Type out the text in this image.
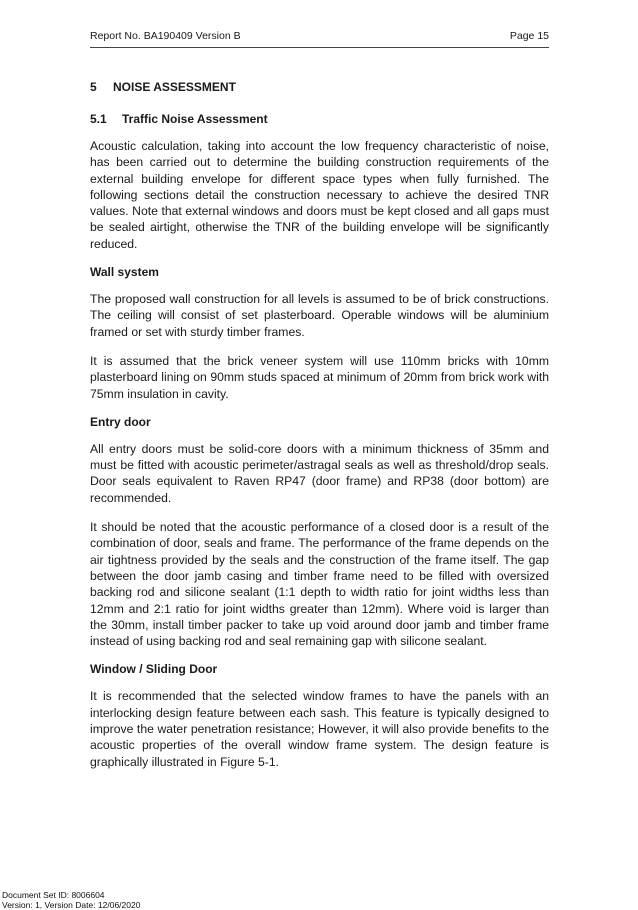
Report No. BA190409 Version B	Page 15
5	NOISE ASSESSMENT
5.1	Traffic Noise Assessment

Acoustic calculation, taking into account the low frequency characteristic of noise, has been carried out to determine the building construction requirements of the external building envelope for different space types when fully furnished. The following sections detail the construction necessary to achieve the desired TNR values. Note that external windows and doors must be kept closed and all gaps must be sealed airtight, otherwise the TNR of the building envelope will be significantly reduced.

Wall system

The proposed wall construction for all levels is assumed to be of brick constructions. The ceiling will consist of set plasterboard. Operable windows will be aluminium framed or set with sturdy timber frames.

It is assumed that the brick veneer system will use 110mm bricks with 10mm plasterboard lining on 90mm studs spaced at minimum of 20mm from brick work with 75mm insulation in cavity.

Entry door

All entry doors must be solid-core doors with a minimum thickness of 35mm and must be fitted with acoustic perimeter/astragal seals as well as threshold/drop seals. Door seals equivalent to Raven RP47 (door frame) and RP38 (door bottom) are recommended.

It should be noted that the acoustic performance of a closed door is a result of the combination of door, seals and frame. The performance of the frame depends on the air tightness provided by the seals and the construction of the frame itself. The gap between the door jamb casing and timber frame need to be filled with oversized backing rod and silicone sealant (1:1 depth to width ratio for joint widths less than 12mm and 2:1 ratio for joint widths greater than 12mm). Where void is larger than the 30mm, install timber packer to take up void around door jamb and timber frame instead of using backing rod and seal remaining gap with silicone sealant.

Window / Sliding Door

It is recommended that the selected window frames to have the panels with an interlocking design feature between each sash. This feature is typically designed to improve the water penetration resistance; However, it will also provide benefits to the acoustic properties of the overall window frame system. The design feature is graphically illustrated in Figure 5-1.

Document Set ID: 8006604
Version: 1, Version Date: 12/06/2020
